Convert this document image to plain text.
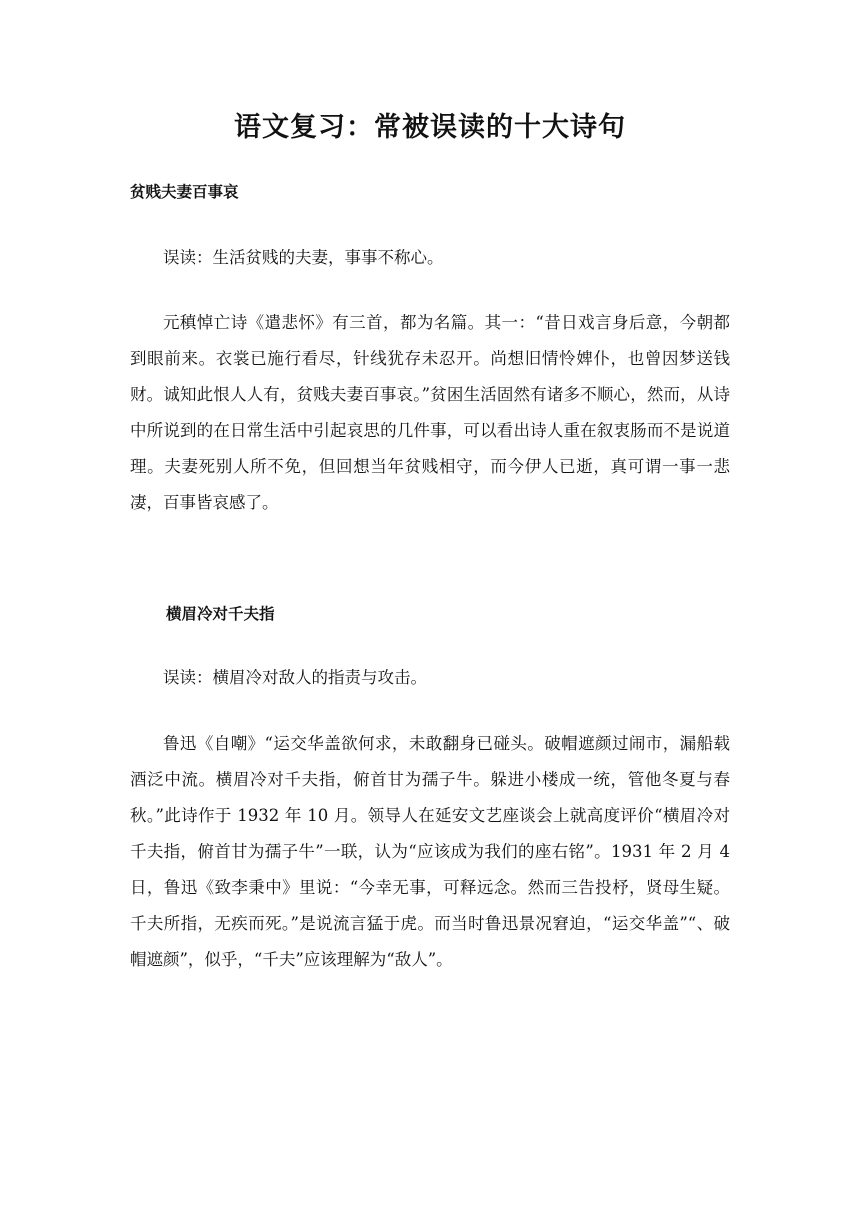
语文复习：常被误读的十大诗句
贫贱夫妻百事哀

误读：生活贫贱的夫妻，事事不称心。

元稹悼亡诗《遣悲怀》有三首，都为名篇。其一：“昔日戏言身后意，今朝都到眼前来。衣裳已施行看尽，针线犹存未忍开。尚想旧情怜婢仆，也曾因梦送钱财。诚知此恨人人有，贫贱夫妻百事哀。”贫困生活固然有诸多不顺心，然而，从诗中所说到的在日常生活中引起哀思的几件事，可以看出诗人重在叙衷肠而不是说道理。夫妻死别人所不免，但回想当年贫贱相守，而今伊人已逝，真可谓一事一悲凄，百事皆哀感了。

横眉冷对千夫指

误读：横眉冷对敌人的指责与攻击。

鲁迅《自嘲》“运交华盖欲何求，未敢翻身已碰头。破帽遮颜过闹市，漏船载酒泛中流。横眉冷对千夫指，俯首甘为孺子牛。躲进小楼成一统，管他冬夏与春秋。”此诗作于 1932 年 10 月。领导人在延安文艺座谈会上就高度评价“横眉冷对千夫指，俯首甘为孺子牛”一联，认为“应该成为我们的座右铭”。1931 年 2 月 4 日，鲁迅《致李秉中》里说：“今幸无事，可释远念。然而三告投杼，贤母生疑。千夫所指，无疾而死。”是说流言猛于虎。而当时鲁迅景况窘迫，“运交华盖”“、破帽遮颜”，似乎，“千夫”应该理解为“敌人”。
